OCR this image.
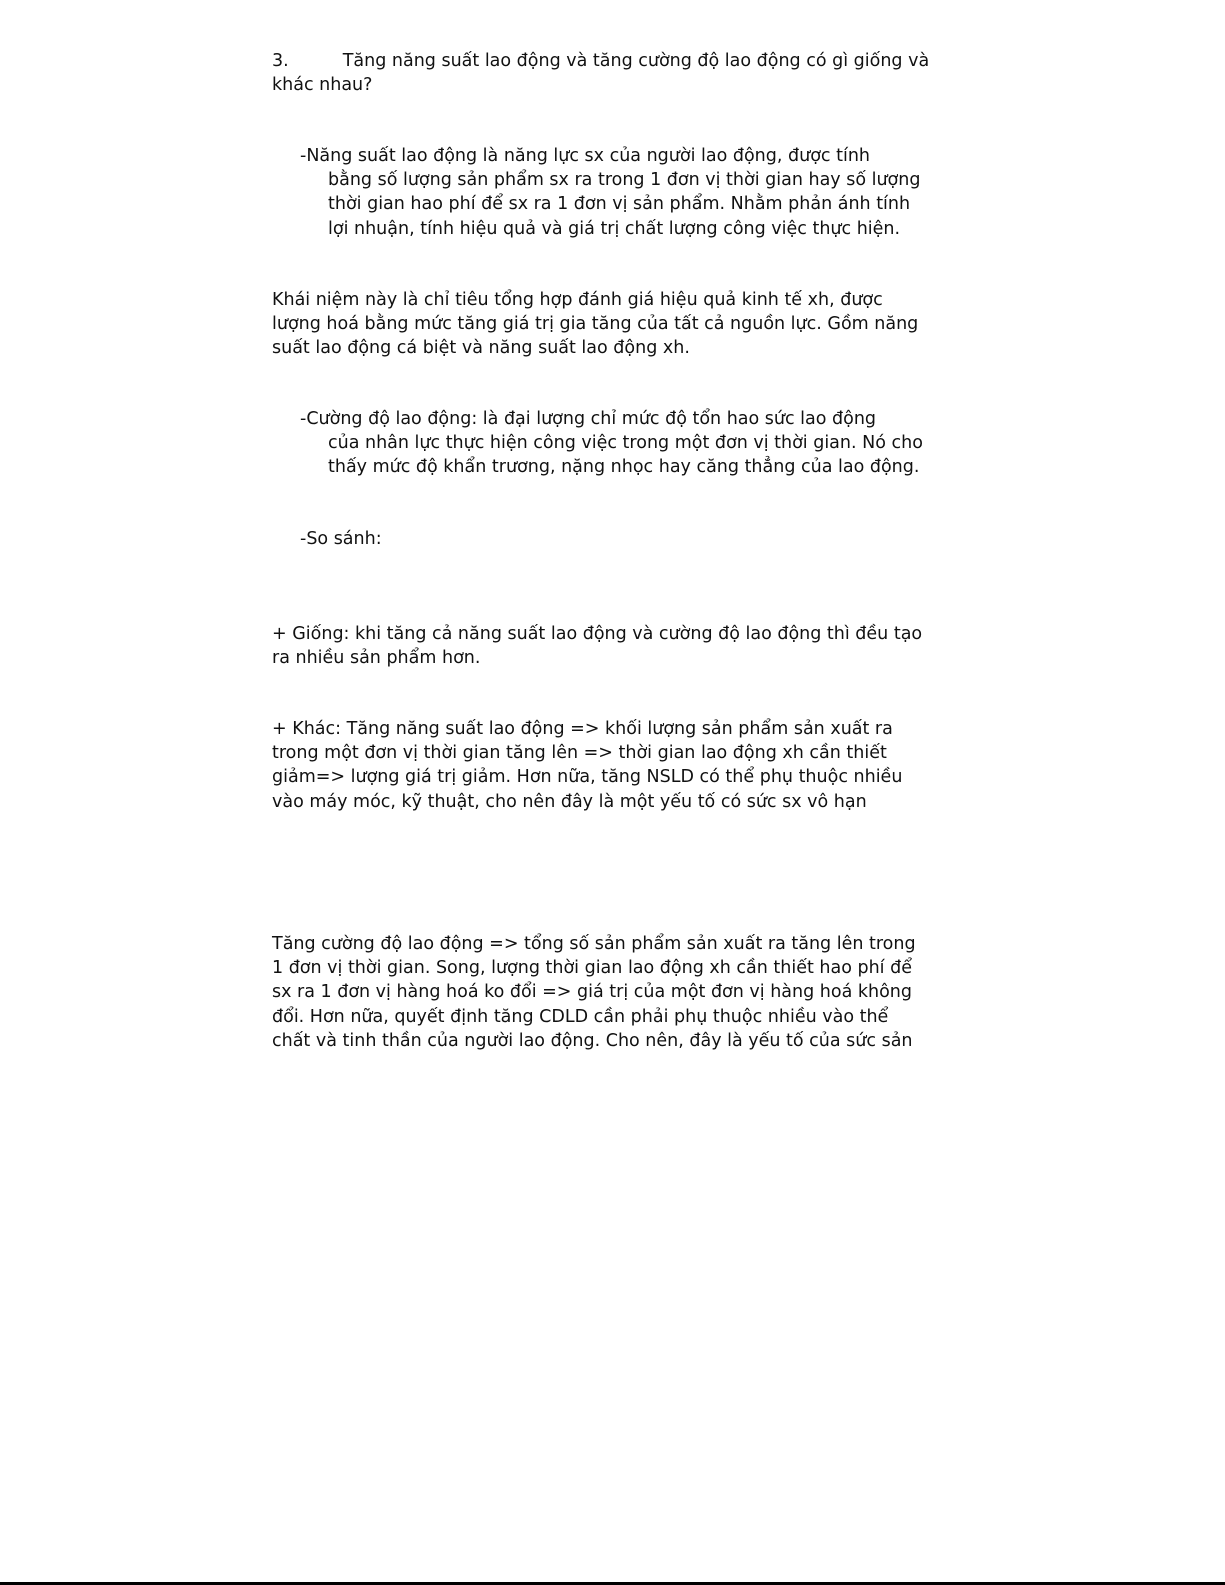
3.	Tăng năng suất lao động và tăng cường độ lao động có gì giống và
khác nhau?
-Năng suất lao động là năng lực sx của người lao động, được tính
bằng số lượng sản phẩm sx ra trong 1 đơn vị thời gian hay số lượng
thời gian hao phí để sx ra 1 đơn vị sản phẩm. Nhằm phản ánh tính
lợi nhuận, tính hiệu quả và giá trị chất lượng công việc thực hiện.
Khái niệm này là chỉ tiêu tổng hợp đánh giá hiệu quả kinh tế xh, được
lượng hoá bằng mức tăng giá trị gia tăng của tất cả nguồn lực. Gồm năng
suất lao động cá biệt và năng suất lao động xh.
-Cường độ lao động: là đại lượng chỉ mức độ tổn hao sức lao động
của nhân lực thực hiện công việc trong một đơn vị thời gian. Nó cho
thấy mức độ khẩn trương, nặng nhọc hay căng thẳng của lao động.
-So sánh:
+ Giống: khi tăng cả năng suất lao động và cường độ lao động thì đều tạo
ra nhiều sản phẩm hơn.
+ Khác: Tăng năng suất lao động => khối lượng sản phẩm sản xuất ra
trong một đơn vị thời gian tăng lên => thời gian lao động xh cần thiết
giảm=> lượng giá trị giảm. Hơn nữa, tăng NSLD có thể phụ thuộc nhiều
vào máy móc, kỹ thuật, cho nên đây là một yếu tố có sức sx vô hạn
Tăng cường độ lao động => tổng số sản phẩm sản xuất ra tăng lên trong
1 đơn vị thời gian. Song, lượng thời gian lao động xh cần thiết hao phí để
sx ra 1 đơn vị hàng hoá ko đổi => giá trị của một đơn vị hàng hoá không
đổi. Hơn nữa, quyết định tăng CDLD cần phải phụ thuộc nhiều vào thể
chất và tinh thần của người lao động. Cho nên, đây là yếu tố của sức sản
